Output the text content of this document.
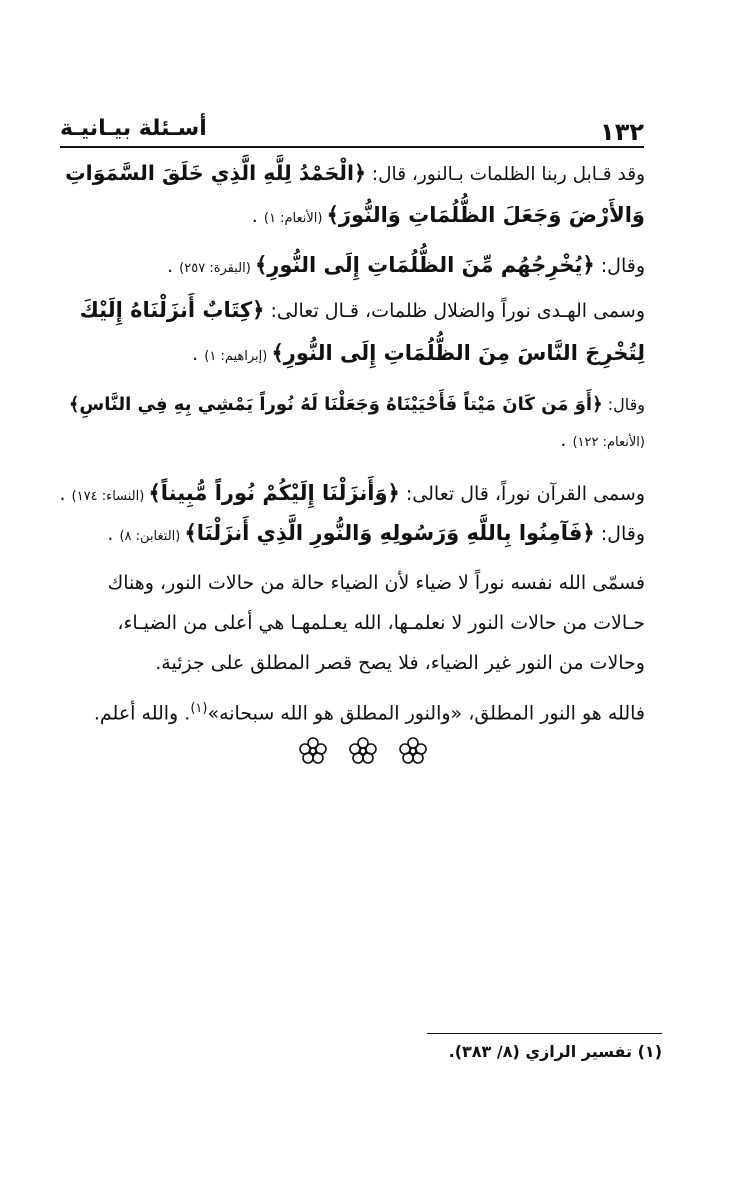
١٣٢
أسـئلة بيـانيـة
وقد قـابل ربنا الظلمات بـالنور، قال: ﴿الْحَمْدُ لِلَّهِ الَّذِي خَلَقَ السَّمَوَاتِ
وَالأَرْضَ وَجَعَلَ الظُّلُمَاتِ وَالنُّورَ﴾ (الأنعام: ١) .
وقال: ﴿يُخْرِجُهُم مِّنَ الظُّلُمَاتِ إِلَى النُّورِ﴾ (البقرة: ٢٥٧) .
وسمى الهـدى نوراً والضلال ظلمات، قـال تعالى: ﴿كِتَابٌ أَنزَلْنَاهُ إِلَيْكَ
لِتُخْرِجَ النَّاسَ مِنَ الظُّلُمَاتِ إِلَى النُّورِ﴾ (إبراهيم: ١) .
وقال: ﴿أَوَ مَن كَانَ مَيْتاً فَأَحْيَيْنَاهُ وَجَعَلْنَا لَهُ نُوراً يَمْشِي بِهِ فِي النَّاسِ﴾
(الأنعام: ١٢٢) .
وسمى القرآن نوراً، قال تعالى: ﴿وَأَنزَلْنَا إِلَيْكُمْ نُوراً مُّبِيناً﴾ (النساء: ١٧٤) .
وقال: ﴿فَآمِنُوا بِاللَّهِ وَرَسُولِهِ وَالنُّورِ الَّذِي أَنزَلْنَا﴾ (التغابن: ٨) .
فسمّى الله نفسه نوراً لا ضياء لأن الضياء حالة من حالات النور، وهناك
حـالات من حالات النور لا نعلمـها، الله يعـلمهـا هي أعلى من الضيـاء،
وحالات من النور غير الضياء، فلا يصح قصر المطلق على جزئية.
فالله هو النور المطلق، «والنور المطلق هو الله سبحانه»$^{(١)}$. والله أعلم.
(١) تفسير الرازي (٨/ ٣٨٣).
